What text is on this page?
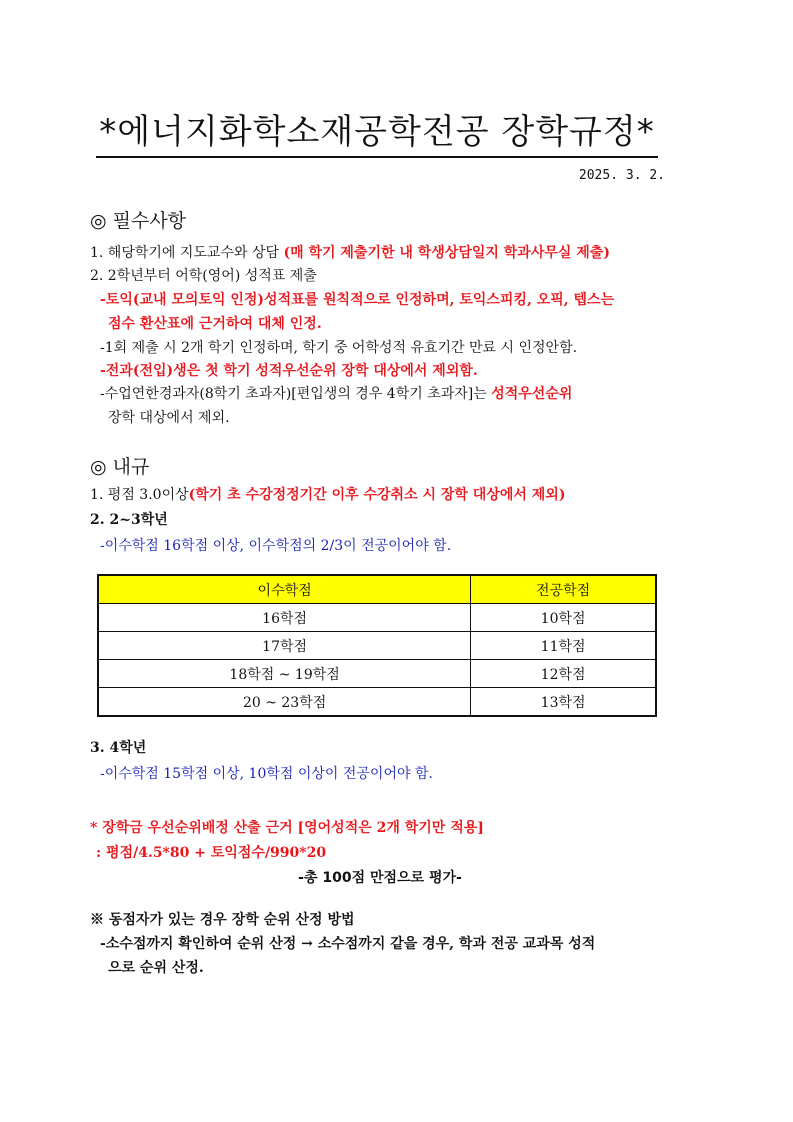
*에너지화학소재공학전공 장학규정*
2025. 3. 2.
◎ 필수사항
1. 해당학기에 지도교수와 상담 (매 학기 제출기한 내 학생상담일지 학과사무실 제출)
2. 2학년부터 어학(영어) 성적표 제출
-토익(교내 모의토익 인정)성적표를 원칙적으로 인정하며, 토익스피킹, 오픽, 텝스는
점수 환산표에 근거하여 대체 인정.
-1회 제출 시 2개 학기 인정하며, 학기 중 어학성적 유효기간 만료 시 인정안함.
-전과(전입)생은 첫 학기 성적우선순위 장학 대상에서 제외함.
-수업연한경과자(8학기 초과자)[편입생의 경우 4학기 초과자]는 성적우선순위
장학 대상에서 제외.
◎ 내규
1. 평점 3.0이상(학기 초 수강정정기간 이후 수강취소 시 장학 대상에서 제외)
2. 2~3학년
-이수학점 16학점 이상, 이수학점의 2/3이 전공이어야 함.
이수학점	전공학점
16학점	10학점
17학점	11학점
18학점 ~ 19학점	12학점
20 ~ 23학점	13학점
3. 4학년
-이수학점 15학점 이상, 10학점 이상이 전공이어야 함.
* 장학금 우선순위배정 산출 근거 [영어성적은 2개 학기만 적용]
: 평점/4.5*80 + 토익점수/990*20
-총 100점 만점으로 평가-
※ 동점자가 있는 경우 장학 순위 산정 방법
-소수점까지 확인하여 순위 산정 → 소수점까지 같을 경우, 학과 전공 교과목 성적
으로 순위 산정.
